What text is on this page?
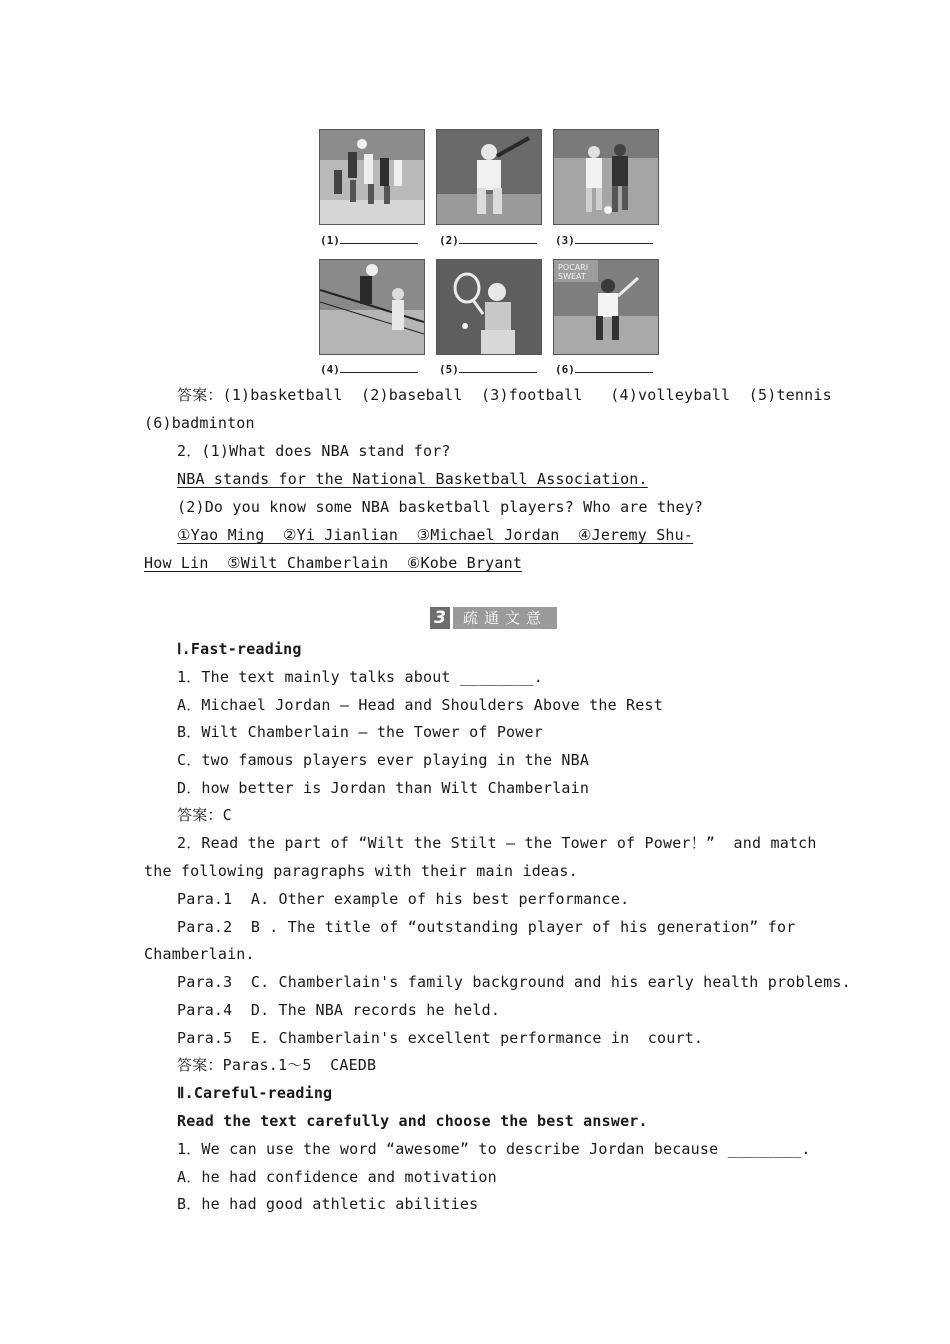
(1)	(2)	(3)
POCARI
SWEAT
(4)	(5)	(6)
答案：(1)basketball  (2)baseball  (3)football   (4)volleyball  (5)tennis
(6)badminton
2．(1)What does NBA stand for?
NBA stands for the National Basketball Association.
(2)Do you know some NBA basketball players? Who are they?
①Yao Ming  ②Yi Jianlian  ③Michael Jordan  ④Jeremy Shu-
How Lin  ⑤Wilt Chamberlain  ⑥Kobe Bryant
3	疏通文意
Ⅰ.Fast-reading
1．The text mainly talks about ________.
A．Michael Jordan — Head and Shoulders Above the Rest
B．Wilt Chamberlain — the Tower of Power
C．two famous players ever playing in the NBA
D．how better is Jordan than Wilt Chamberlain
答案：C
2．Read the part of “Wilt the Stilt — the Tower of Power！”  and match
the following paragraphs with their main ideas.
Para.1  A. Other example of his best performance.
Para.2  B . The title of “outstanding player of his generation” for
Chamberlain.
Para.3  C. Chamberlain's family background and his early health problems.
Para.4  D. The NBA records he held.
Para.5  E. Chamberlain's excellent performance in  court.
答案：Paras.1～5  CAEDB
Ⅱ.Careful-reading
Read the text carefully and choose the best answer.
1．We can use the word “awesome” to describe Jordan because ________.
A．he had confidence and motivation
B．he had good athletic abilities
